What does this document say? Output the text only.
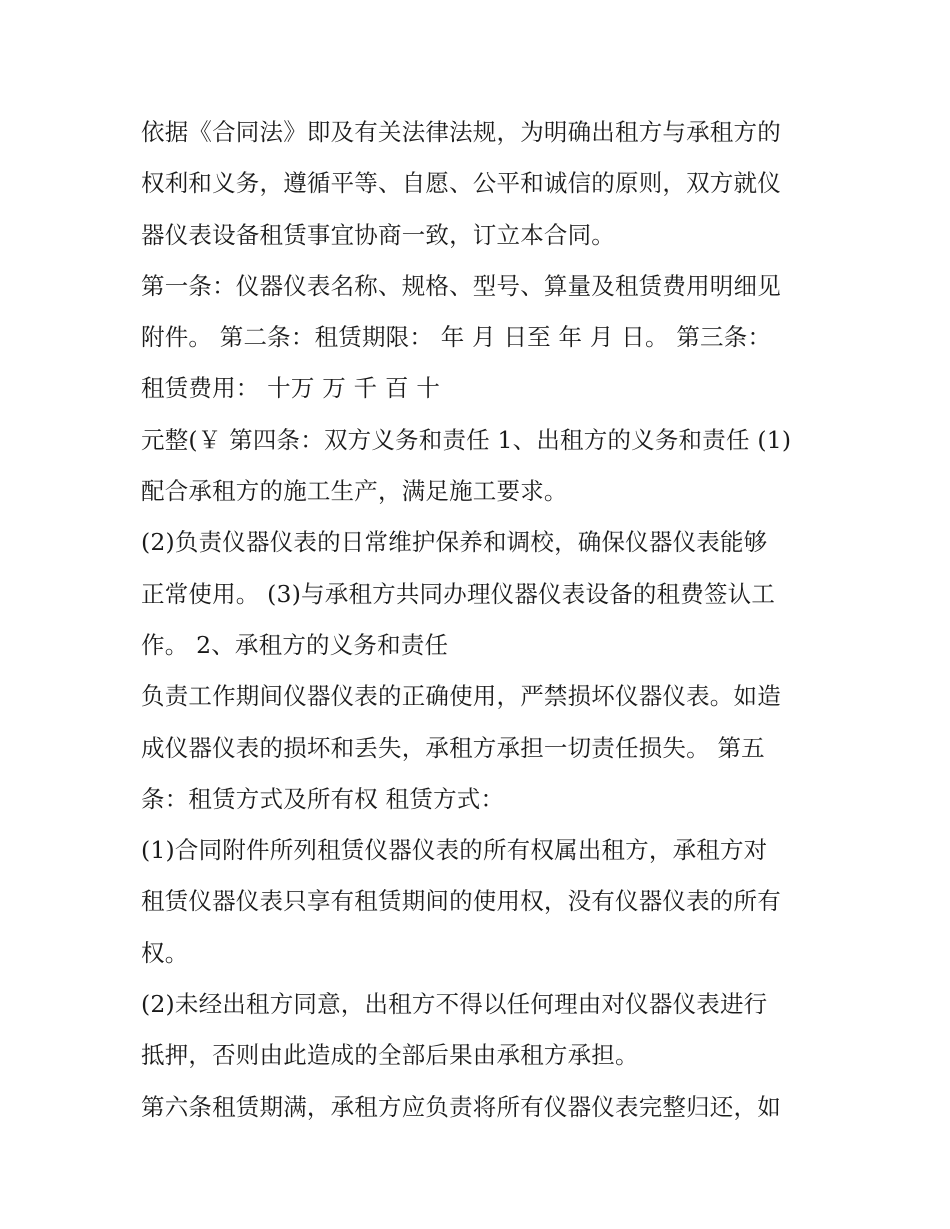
依据《合同法》即及有关法律法规，为明确出租方与承租方的
权利和义务，遵循平等、自愿、公平和诚信的原则，双方就仪
器仪表设备租赁事宜协商一致，订立本合同。
第一条：仪器仪表名称、规格、型号、算量及租赁费用明细见
附件。 第二条：租赁期限： 年 月 日至 年 月 日。 第三条：
租赁费用： 十万 万 千 百 十
元整(￥ 第四条：双方义务和责任 1、出租方的义务和责任 (1)
配合承租方的施工生产，满足施工要求。
(2)负责仪器仪表的日常维护保养和调校，确保仪器仪表能够
正常使用。 (3)与承租方共同办理仪器仪表设备的租费签认工
作。 2、承租方的义务和责任
负责工作期间仪器仪表的正确使用，严禁损坏仪器仪表。如造
成仪器仪表的损坏和丢失，承租方承担一切责任损失。 第五
条：租赁方式及所有权 租赁方式：
(1)合同附件所列租赁仪器仪表的所有权属出租方，承租方对
租赁仪器仪表只享有租赁期间的使用权，没有仪器仪表的所有
权。
(2)未经出租方同意，出租方不得以任何理由对仪器仪表进行
抵押，否则由此造成的全部后果由承租方承担。
第六条租赁期满，承租方应负责将所有仪器仪表完整归还，如
